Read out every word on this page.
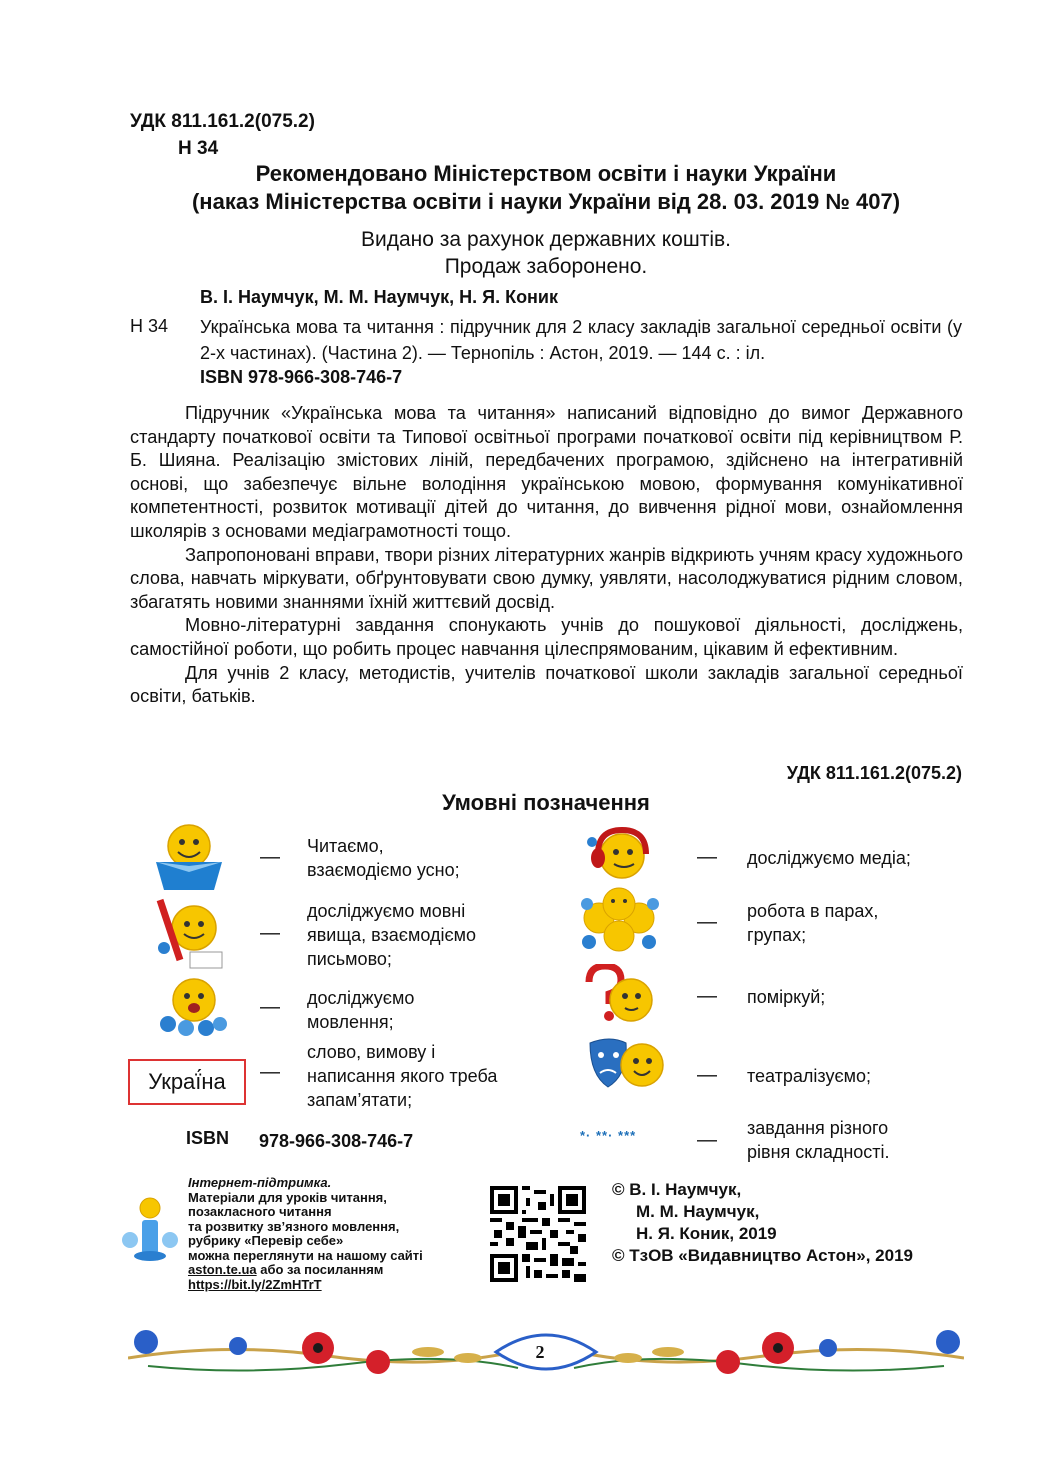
УДК 811.161.2(075.2)
Н 34
Рекомендовано Міністерством освіти і науки України
(наказ Міністерства освіти і науки України від 28. 03. 2019 № 407)
Видано за рахунок державних коштів.
Продаж заборонено.
В. І. Наумчук, М. М. Наумчук, Н. Я. Коник
Н 34 Українська мова та читання : підручник для 2 класу закладів загальної середньої освіти (у 2-х частинах). (Частина 2). — Тернопіль : Астон, 2019. — 144 с. : іл.
ISBN 978-966-308-746-7

Підручник «Українська мова та читання» написаний відповідно до вимог Державного стандарту початкової освіти та Типової освітньої програми початкової освіти під керівництвом Р. Б. Шияна. Реалізацію змістових ліній, передбачених програмою, здійснено на інтегративній основі, що забезпечує вільне володіння українською мовою, формування комунікативної компетентності, розвиток мотивації дітей до читання, до вивчення рідної мови, ознайомлення школярів з основами медіаграмотності тощо.

Запропоновані вправи, твори різних літературних жанрів відкриють учням красу художнього слова, навчать міркувати, обґрунтовувати свою думку, уявляти, насолоджуватися рідним словом, збагатять новими знаннями їхній життєвий досвід.

Мовно-літературні завдання спонукають учнів до пошукової діяльності, досліджень, самостійної роботи, що робить процес навчання цілеспрямованим, цікавим й ефективним.

Для учнів 2 класу, методистів, учителів початкової школи закладів загальної середньої освіти, батьків.

УДК 811.161.2(075.2)
Умовні позначення
— Читаємо,
взаємодіємо усно;
—
досліджуємо мовні
явища, взаємодіємо
письмово;
— досліджуємо
мовлення;
Украї́на	—
слово, вимову і
написання якого треба
запам’ятати;
ISBN 978-966-308-746-7
— досліджуємо медіа;
— робота в парах,
групах;
— поміркуй;
— театралізуємо;
*· **· ***	—
завдання різного
рівня складності.
Інтернет-підтримка.
Матеріали для уроків читання,
позакласного читання
та розвитку зв’язного мовлення,
рубрику «Перевір себе»
можна переглянути на нашому сайті
aston.te.ua або за посиланням
https://bit.ly/2ZmHTrT
© В. І. Наумчук,
М. М. Наумчук,
Н. Я. Коник, 2019
© ТзОВ «Видавництво Астон», 2019
2
